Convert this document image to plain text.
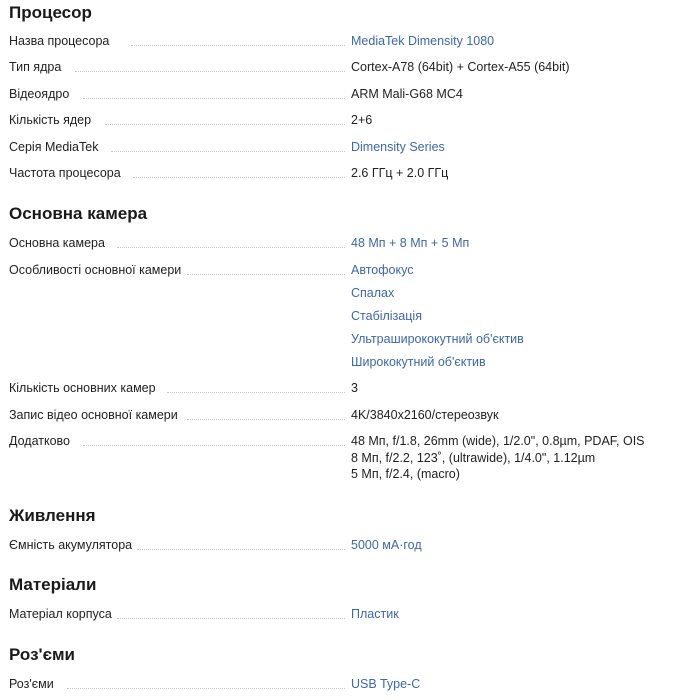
Процесор
Назва процесора	MediaTek Dimensity 1080
Тип ядра	Cortex-A78 (64bit) + Cortex-A55 (64bit)
Відеоядро	ARM Mali-G68 MC4
Кількість ядер	2+6
Серія MediaTek	Dimensity Series
Частота процесора	2.6 ГГц + 2.0 ГГц
Основна камера
Основна камера	48 Мп + 8 Мп + 5 Мп
Особливості основної камери	Автофокус
Спалах
Стабілізація
Ультраширококутний об'єктив
Ширококутний об'єктив
Кількість основних камер	3
Запис відео основної камери	4K/3840x2160/стереозвук
Додатково	48 Мп, f/1.8, 26mm (wide), 1/2.0", 0.8µm, PDAF, OIS
8 Мп, f/2.2, 123˚, (ultrawide), 1/4.0", 1.12µm
5 Мп, f/2.4, (macro)
Живлення
Ємність акумулятора	5000 мА·год
Матеріали
Матеріал корпуса	Пластик
Роз'єми
Роз'єми	USB Type-C
